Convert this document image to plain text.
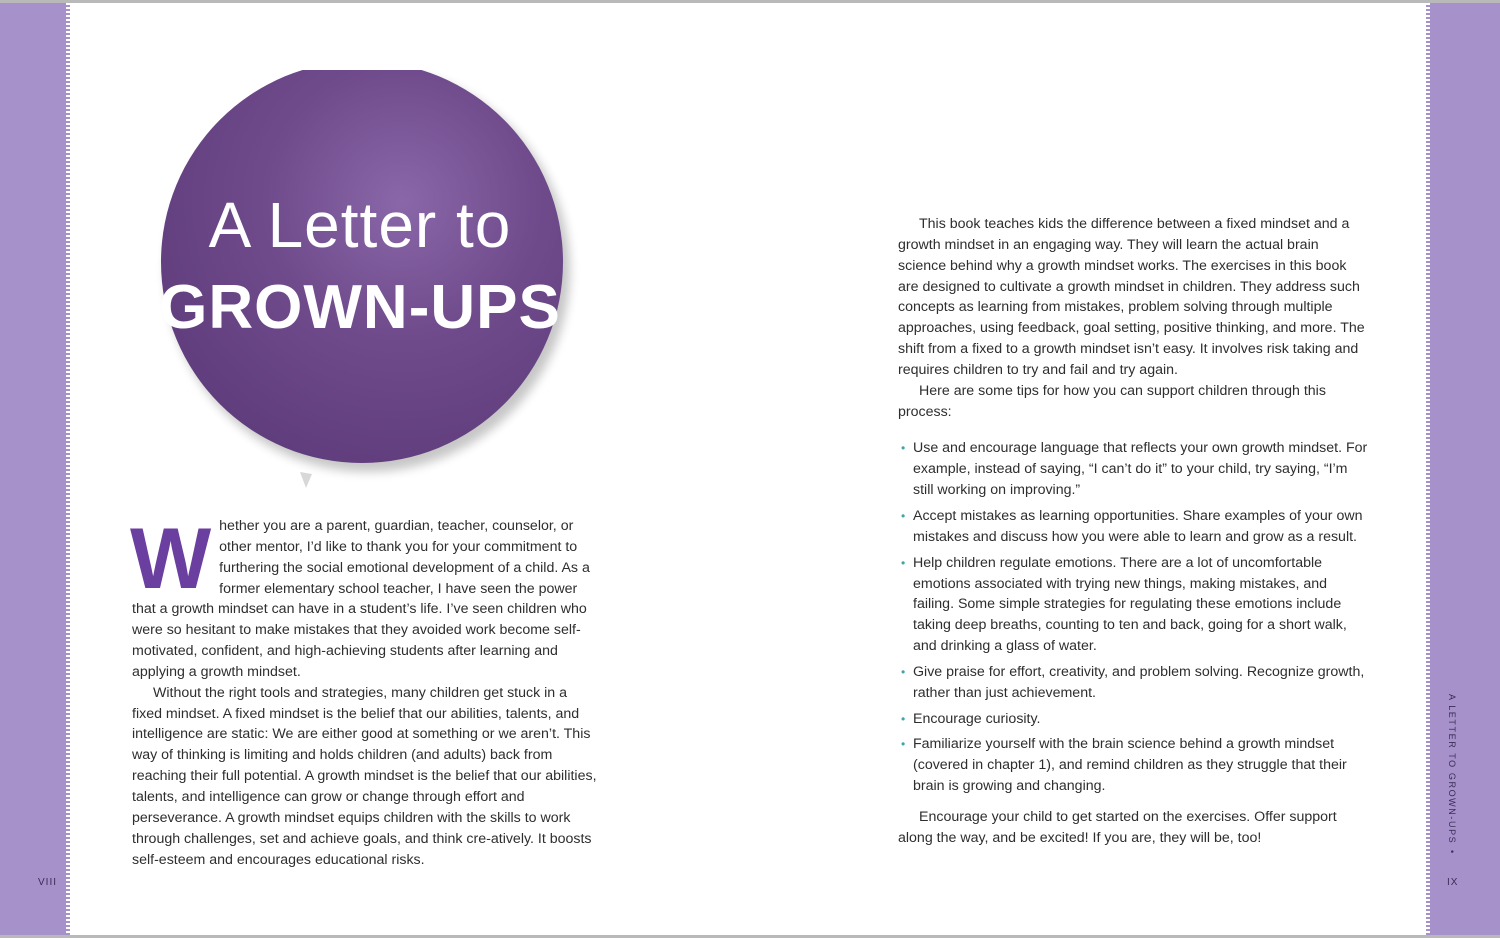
VIII	IX
A LETTER TO GROWN-UPS•
A Letter to
GROWN-UPS

Whether you are a parent, guardian, teacher, counselor, or other mentor, I’d like to thank you for your commitment to furthering the social emotional development of a child. As a former elementary school teacher, I have seen the power that a growth mindset can have in a student’s life. I’ve seen children who were so hesitant to make mistakes that they avoided work become self-motivated, confident, and high-achieving students after learning and applying a growth mindset.

Without the right tools and strategies, many children get stuck in a fixed mindset. A fixed mindset is the belief that our abilities, talents, and intelligence are static: We are either good at something or we aren’t. This way of thinking is limiting and holds children (and adults) back from reaching their full potential. A growth mindset is the belief that our abilities, talents, and intelligence can grow or change through effort and perseverance. A growth mindset equips children with the skills to work through challenges, set and achieve goals, and think cre-atively. It boosts self-esteem and encourages educational risks.

This book teaches kids the difference between a fixed mindset and a growth mindset in an engaging way. They will learn the actual brain science behind why a growth mindset works. The exercises in this book are designed to cultivate a growth mindset in children. They address such concepts as learning from mistakes, problem solving through multiple approaches, using feedback, goal setting, positive thinking, and more. The shift from a fixed to a growth mindset isn’t easy. It involves risk taking and requires children to try and fail and try again.

Here are some tips for how you can support children through this process:

• Use and encourage language that reflects your own growth mindset. For example, instead of saying, “I can’t do it” to your child, try saying, “I’m still working on improving.”
• Accept mistakes as learning opportunities. Share examples of your own mistakes and discuss how you were able to learn and grow as a result.
• Help children regulate emotions. There are a lot of uncomfortable emotions associated with trying new things, making mistakes, and failing. Some simple strategies for regulating these emotions include taking deep breaths, counting to ten and back, going for a short walk, and drinking a glass of water.
• Give praise for effort, creativity, and problem solving. Recognize growth, rather than just achievement.
• Encourage curiosity.
• Familiarize yourself with the brain science behind a growth mindset (covered in chapter 1), and remind children as they struggle that their brain is growing and changing.

Encourage your child to get started on the exercises. Offer support along the way, and be excited! If you are, they will be, too!
